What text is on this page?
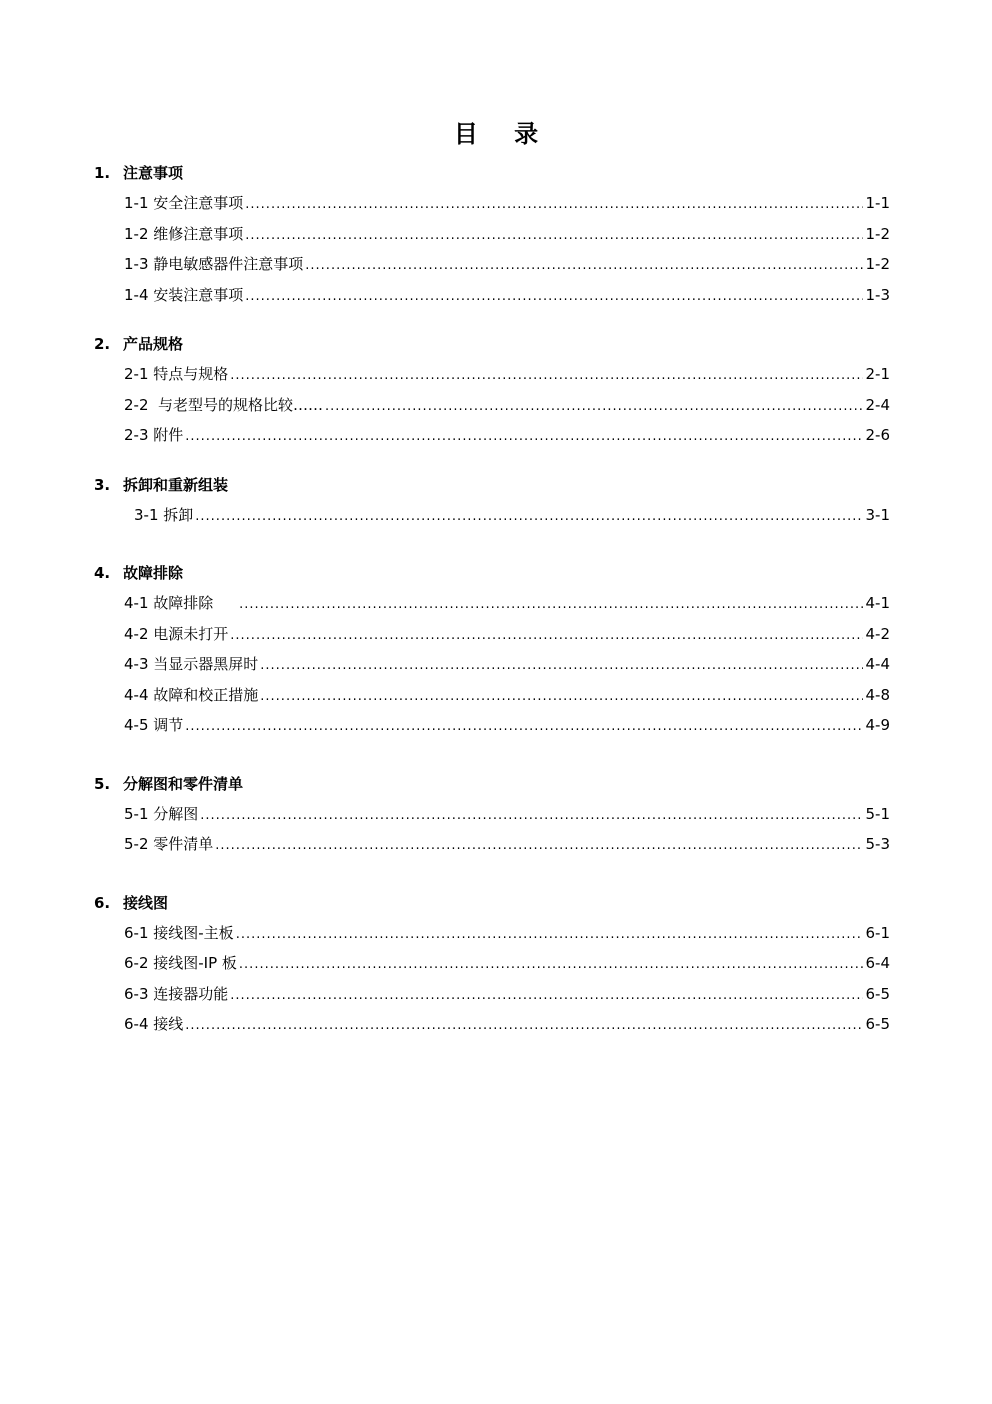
目 录
1. 注意事项
1-1 安全注意事项 .....	1-1
1-2 维修注意事项 .....	1-2
1-3 静电敏感器件注意事项 .....	1-2
1-4 安装注意事项 .....	1-3
2. 产品规格
2-1 特点与规格 .....	2-1
2-2  与老型号的规格比较…… .....	2-4
2-3 附件 .....	2-6
3. 拆卸和重新组装
3-1 拆卸 .....	3-1
4. 故障排除
4-1 故障排除 .....	4-1
4-2 电源未打开 .....	4-2
4-3 当显示器黑屏时 .....	4-4
4-4 故障和校正措施 .....	4-8
4-5 调节 .....	4-9
5. 分解图和零件清单
5-1 分解图 .....	5-1
5-2 零件清单 .....	5-3
6. 接线图
6-1 接线图-主板 .....	6-1
6-2 接线图-IP 板 .....	6-4
6-3 连接器功能 .....	6-5
6-4 接线 .....	6-5
